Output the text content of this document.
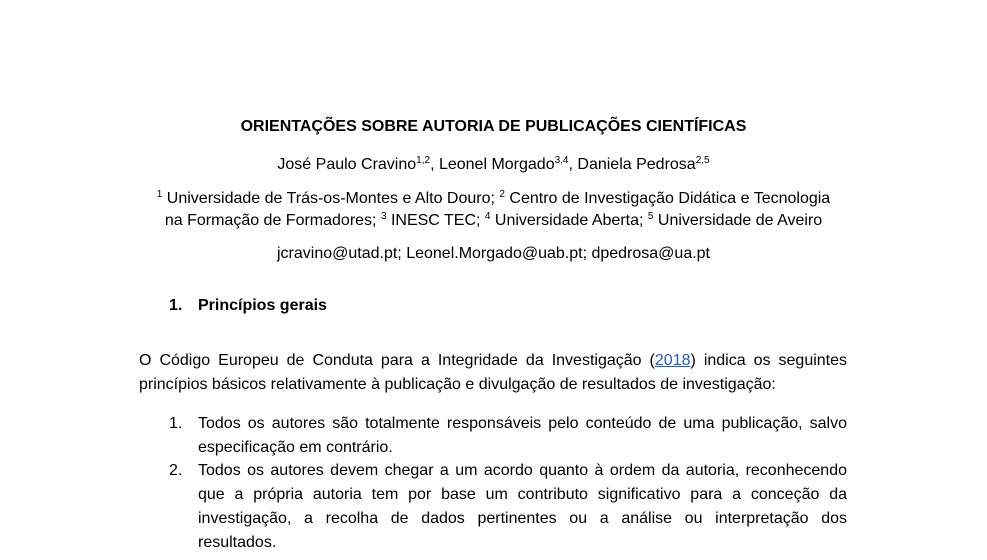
ORIENTAÇÕES SOBRE AUTORIA DE PUBLICAÇÕES CIENTÍFICAS
José Paulo Cravino$^{1,2}$, Leonel Morgado$^{3,4}$, Daniela Pedrosa$^{2,5}$
$^1$ Universidade de Trás-os-Montes e Alto Douro; $^2$ Centro de Investigação Didática e Tecnologia
na Formação de Formadores; $^3$ INESC TEC; $^4$ Universidade Aberta; $^5$ Universidade de Aveiro
jcravino@utad.pt; Leonel.Morgado@uab.pt; dpedrosa@ua.pt
1. Princípios gerais
O Código Europeu de Conduta para a Integridade da Investigação (2018) indica os seguintes
princípios básicos relativamente à publicação e divulgação de resultados de investigação:
1. Todos os autores são totalmente responsáveis pelo conteúdo de uma publicação, salvo
especificação em contrário.
2. Todos os autores devem chegar a um acordo quanto à ordem da autoria, reconhecendo
que a própria autoria tem por base um contributo significativo para a conceção da
investigação, a recolha de dados pertinentes ou a análise ou interpretação dos
resultados.
